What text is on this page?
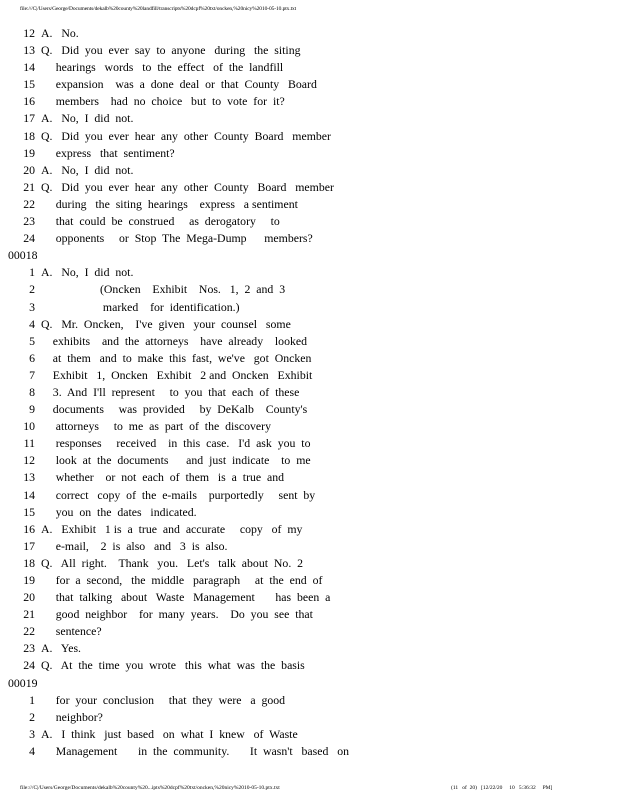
file:///C|/Users/George/Documents/dekalb%20county%20landfill/transcripts%20dcpf%20txt/oncken,%20nicy%2010-05-10.ptx.txt
12 A.   No.
13 Q.   Did  you  ever  say  to  anyone   during   the  siting
14     hearings   words   to  the  effect   of  the  landfill
15     expansion    was  a  done  deal  or  that  County   Board
16     members    had  no  choice   but  to  vote  for  it?
17 A.   No,  I  did  not.
18 Q.   Did  you  ever  hear  any  other  County  Board   member
19     express   that  sentiment?
20 A.   No,  I  did  not.
21 Q.   Did  you  ever  hear  any  other  County   Board   member
22     during   the  siting  hearings    express   a sentiment
23     that  could  be  construed     as  derogatory     to
24     opponents     or  Stop  The  Mega-Dump      members?
00018
1 A.   No,  I  did  not.
2                    (Oncken    Exhibit    Nos.   1,  2  and  3
3                     marked    for  identification.)
4 Q.   Mr.  Oncken,    I've  given   your  counsel   some
5    exhibits    and  the  attorneys    have  already    looked
6    at  them   and  to  make  this  fast,  we've   got  Oncken
7    Exhibit   1,  Oncken   Exhibit   2 and  Oncken   Exhibit
8    3.  And  I'll  represent     to  you  that  each  of  these
9    documents     was  provided     by  DeKalb    County's
10     attorneys     to  me  as  part  of  the  discovery
11     responses     received    in  this  case.   I'd  ask  you  to
12     look  at  the  documents      and  just  indicate    to  me
13     whether    or  not  each  of  them   is  a  true  and
14     correct   copy  of  the  e-mails    purportedly     sent  by
15     you  on  the  dates   indicated.
16 A.   Exhibit   1 is  a  true  and  accurate     copy   of  my
17     e-mail,    2  is  also   and   3  is  also.
18 Q.   All  right.    Thank   you.   Let's   talk  about  No.  2
19     for  a  second,   the  middle   paragraph     at  the  end  of
20     that  talking   about   Waste   Management       has  been  a
21     good  neighbor    for  many  years.    Do  you  see  that
22     sentence?
23 A.   Yes.
24 Q.   At  the  time  you  wrote   this  what  was  the  basis
00019
1     for  your  conclusion     that  they  were   a  good
2     neighbor?
3 A.   I  think   just  based   on  what  I  knew   of  Waste
4     Management       in  the  community.       It  wasn't   based   on
file:///C|/Users/George/Documents/dekalb%20county%20...ipts%20dcpf%20txt/oncken,%20nicy%2010-05-10.ptx.txt	(11   of  20)   [12/22/20     10   5:36:32     PM]
